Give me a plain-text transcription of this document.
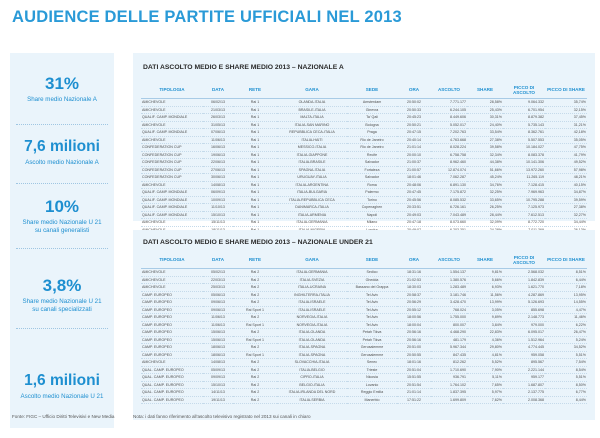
AUDIENCE DELLE PARTITE UFFICIALI NEL 2013
31%
Share medio Nazionale A
7,6 milioni
Ascolto medio Nazionale A
10%
Share medio Nazionale U 21
su canali generalisti
3,8%
Share medio Nazionale U 21
su canali specializzati
1,6 milioni
Ascolto medio Nazionale U 21
DATI ASCOLTO MEDIO E SHARE MEDIO 2013 – NAZIONALE A
TIPOLOGIA	DATA	RETE	GARA	SEDE	ORA	ASCOLTO	SHARE	PICCO DI ASCOLTO	PICCO DI SHARE
AMICHEVOLE	06/02/13	Rai 1	OLANDA-ITALIA	Amsterdam	20:50:02	7.771.177	28,58%	9.064.332	35,74%
AMICHEVOLE	21/03/13	Rai 1	BRASILE-ITALIA	Ginevra	20:50:33	6.244.105	25,43%	6.701.954	32,15%
QUALIF. CAMP. MONDIALE	26/03/13	Rai 1	MALTA-ITALIA	Ta' Qali	20:45:23	8.449.606	30,31%	8.879.382	37,45%
AMICHEVOLE	31/05/13	Rai 1	ITALIA-SAN MARINO	Bologna	20:50:21	5.052.017	24,40%	5.735.143	31,21%
QUALIF. CAMP. MONDIALE	07/06/13	Rai 1	REPUBBLICA CECA-ITALIA	Praga	20:47:15	7.202.763	33,54%	8.362.761	42,18%
AMICHEVOLE	11/06/13	Rai 1	ITALIA-HAITI	Rio de Janeiro	20:40:14	4.763.668	27,38%	5.507.553	35,05%
CONFEDERATION CUP	16/06/13	Rai 1	MESSICO-ITALIA	Rio de Janeiro	21:01:14	8.028.224	39,58%	10.184.027	47,75%
CONFEDERATION CUP	19/06/13	Rai 1	ITALIA-GIAPPONE	Recife	20:00:10	6.758.758	32,34%	8.083.378	41,79%
CONFEDERATION CUP	22/06/13	Rai 1	ITALIA-BRASILE	Salvador	21:00:37	8.962.460	44,38%	10.141.306	49,52%
CONFEDERATION CUP	27/06/13	Rai 1	SPAGNA-ITALIA	Fortaleza	21:00:57	12.874.074	51,66%	13.972.260	57,98%
CONFEDERATION CUP	30/06/13	Rai 1	URUGUAY-ITALIA	Salvador	18:01:46	7.062.287	45,24%	11.265.119	48,21%
AMICHEVOLE	14/08/13	Rai 1	ITALIA-ARGENTINA	Roma	20:48:06	6.891.130	34,76%	7.128.415	40,15%
QUALIF. CAMP. MONDIALE	06/09/13	Rai 1	ITALIA-BULGARIA	Palermo	20:47:45	7.175.872	32,25%	7.969.963	34,87%
QUALIF. CAMP. MONDIALE	10/09/13	Rai 1	ITALIA-REPUBBLICA CECA	Torino	20:45:56	8.085.532	33,65%	10.795.288	39,59%
QUALIF. CAMP. MONDIALE	11/10/13	Rai 1	DANIMARCA-ITALIA	Copenaghen	20:33:51	6.726.161	26,25%	7.125.973	27,38%
QUALIF. CAMP. MONDIALE	15/10/13	Rai 1	ITALIA-ARMENIA	Napoli	20:49:03	7.043.489	28,44%	7.612.513	32,27%
AMICHEVOLE	15/11/13	Rai 1	ITALIA-GERMANIA	Milano	20:47:18	8.073.660	32,09%	8.772.720	34,44%

DATI ASCOLTO MEDIO E SHARE MEDIO 2013 – NAZIONALE UNDER 21
TIPOLOGIA	DATA	RETE	GARA	SEDE	ORA	ASCOLTO	SHARE	PICCO DI ASCOLTO	PICCO DI SHARE
AMICHEVOLE	05/02/13	Rai 2	ITALIA-GERMANIA	Sedico	18:31:16	1.554.137	9,81%	2.568.032	8,51%
AMICHEVOLE	22/03/13	Rai 2	ITALIA-SVEZIA	Ghedda	21:02:53	1.380.576	5,66%	1.842.839	6,44%
AMICHEVOLE	25/03/13	Rai 2	ITALIA-UCRAINA	Bassano del Grappa	18:30:03	1.283.489	6,93%	1.621.770	7,18%
CAMP. EUROPEO	05/06/13	Rai 2	INGHILTERRA-ITALIA	Tel Aviv	20:58:37	3.181.746	11,56%	4.287.869	13,95%
CAMP. EUROPEO	09/06/13	Rai 2	ITALIA-ISRAELE	Tel Aviv	20:56:29	3.428.470	13,99%	5.126.693	14,55%
CAMP. EUROPEO	09/06/13	Rai Sport 1	ITALIA-ISRAELE	Tel Aviv	20:55:12	768.024	3,05%	855.698	4,47%
CAMP. EUROPEO	11/06/13	Rai 2	NORVEGIA-ITALIA	Tel Aviv	18:00:56	1.755.000	9,89%	2.148.773	11,46%
CAMP. EUROPEO	11/06/13	Rai Sport 1	NORVEGIA-ITALIA	Tel Aviv	18:00:04	800.007	3,84%	979.000	6,22%
CAMP. EUROPEO	15/06/13	Rai 2	ITALIA-OLANDA	Petah Tikva	20:56:16	4.468.290	22,83%	6.095.017	26,47%
CAMP. EUROPEO	15/06/13	Rai Sport 1	ITALIA-OLANDA	Petah Tikva	20:56:16	481.179	4,36%	1.512.964	5,24%
CAMP. EUROPEO	18/06/13	Rai 2	ITALIA-SPAGNA	Gerusalemme	20:51:00	5.967.344	29,80%	4.774.445	34,52%
CAMP. EUROPEO	18/06/13	Rai Sport 1	ITALIA-SPAGNA	Gerusalemme	20:50:55	847.435	4,81%	959.058	5,51%
AMICHEVOLE	14/08/13	Rai 2	SLOVACCHIA-ITALIA	Senec	18:01:16	812.262	5,52%	895.567	7,54%
QUAL. CAMP. EUROPEO	05/09/13	Rai 2	ITALIA-BELGIO	Trieste	20:51:04	1.710.690	7,90%	2.221.144	8,54%
QUAL. CAMP. EUROPEO	09/09/13	Rai 2	CIPRO-ITALIA	Nicosia	15:51:55	936.791	5,11%	959.177	5,51%
QUAL. CAMP. EUROPEO	15/10/13	Rai 2	BELGIO-ITALIA	Lovanio	20:51:54	1.764.102	7,65%	1.687.807	8,50%
QUAL. CAMP. EUROPEO	14/11/13	Rai 2	ITALIA-IRLANDA DEL NORD	Reggio Emilia	21:01:14	1.837.395	5,97%	2.137.775	6,77%
QUAL. CAMP. EUROPEO	19/11/13	Rai 2	ITALIA-SERBIA	Manerbio	17:51:22	1.699.809	7,62%	2.008.368	8,44%
Fonte: FIGC – Ufficio Diritti Televisivi e New Media	Nota: i dati fanno riferimento all'ascolto televisivo registrato nel 2013 sui canali in chiaro
